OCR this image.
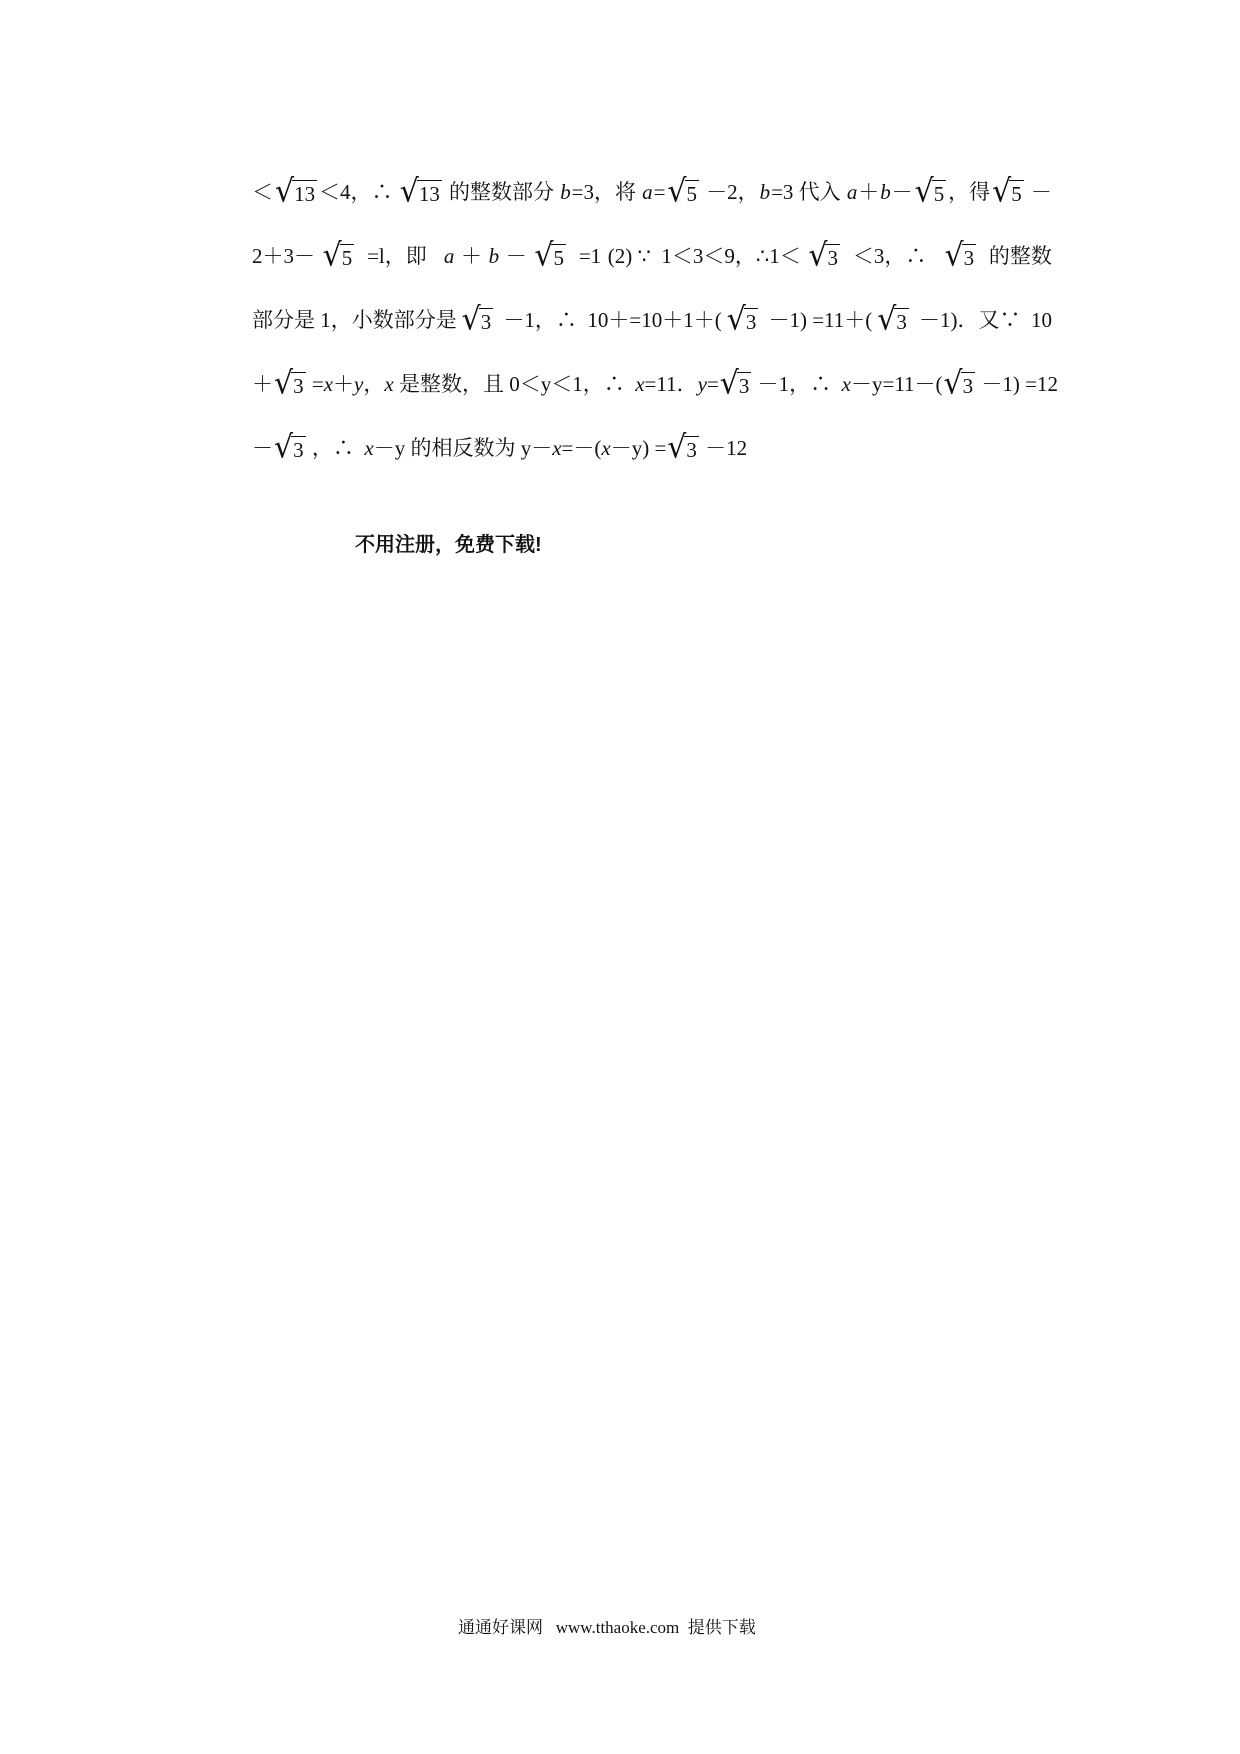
＜ √ 13 ＜4，∴ √ 13 的整数部分 b =3，将 a = √ 5 －2， b =3 代入 a ＋ b － √ 5 ，得 √ 5 －
2＋3－ √ 5 =l，即 a ＋ b － √ 5 =1 (2) ∵  1＜3＜9，∴1＜ √ 3 ＜3，∴ √ 3 的整数
部分是 1，小数部分是 √ 3 －1，∴  10＋=10＋1＋( √ 3 －1) =11＋( √ 3 －1)．又∵  10
＋ √ 3 = x ＋ y ， x 是整数，且 0＜y＜1，∴ x =11． y = √ 3 －1，∴ x －y=11－( √ 3 －1) =12
－ √ 3 ，∴ x －y 的相反数为 y－ x =－( x －y) = √ 3 －12
不用注册，免费下载!
通通好课网   www.tthaoke.com  提供下载
